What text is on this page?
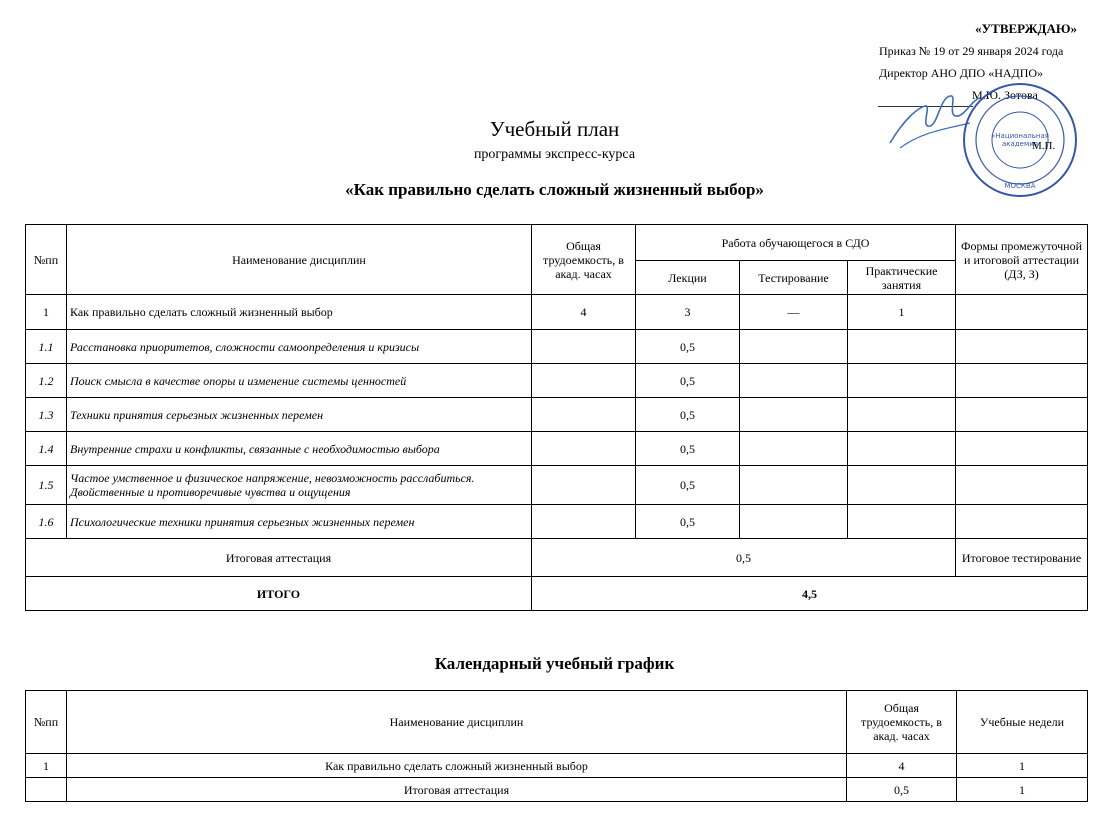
«УТВЕРЖДАЮ»
Приказ № 19 от 29 января 2024 года
Директор АНО ДПО «НАДПО»
М.Ю. Зотова
«Национальная
академия
МОСКВА
М.П.
Учебный план
программы экспресс-курса
«Как правильно сделать сложный жизненный выбор»
№пп	Наименование дисциплин	Общая трудоемкость, в акад. часах	Работа обучающегося в СДО			Формы промежуточной и итоговой аттестации (ДЗ, З)
			Лекции	Тестирование	Практические занятия	
1	Как правильно сделать сложный жизненный выбор	4	3	—	1	
1.1	Расстановка приоритетов, сложности самоопределения и кризисы		0,5			
1.2	Поиск смысла в качестве опоры и изменение системы ценностей		0,5			
1.3	Техники принятия серьезных жизненных перемен		0,5			
1.4	Внутренние страхи и конфликты, связанные с необходимостью выбора		0,5			
1.5	Частое умственное и физическое напряжение, невозможность расслабиться. Двойственные и противоречивые чувства и ощущения		0,5			
1.6	Психологические техники принятия серьезных жизненных перемен		0,5			
Итоговая аттестация		0,5				Итоговое тестирование
ИТОГО		4,5				
Календарный учебный график
№пп	Наименование дисциплин	Общая трудоемкость, в акад. часах	Учебные недели
1	Как правильно сделать сложный жизненный выбор	4	1
	Итоговая аттестация	0,5	1
